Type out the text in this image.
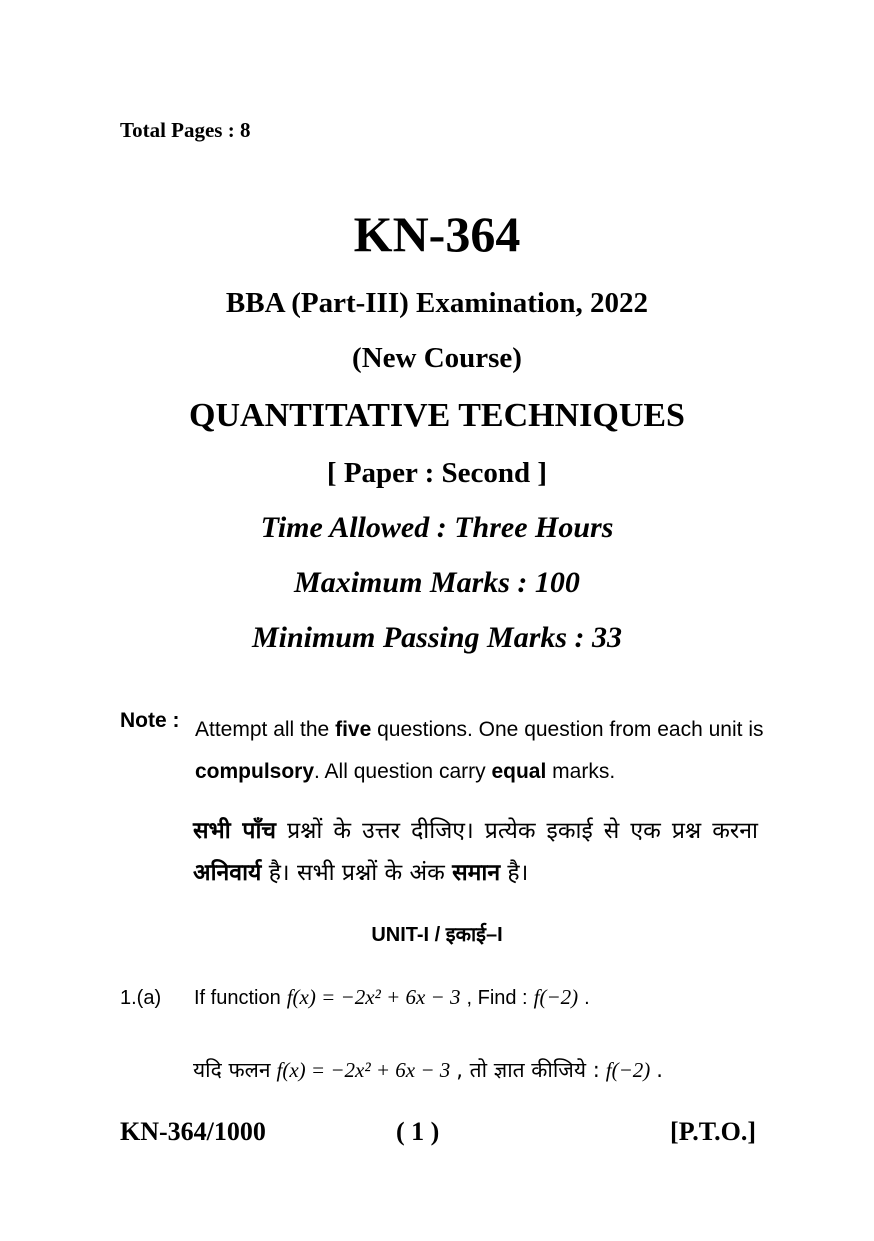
Total Pages : 8
KN-364
BBA (Part-III) Examination, 2022
(New Course)
QUANTITATIVE TECHNIQUES
[ Paper : Second ]
Time Allowed : Three Hours
Maximum Marks : 100
Minimum Passing Marks : 33
Note : Attempt all the five questions. One question from each unit is compulsory. All question carry equal marks.
सभी पाँच प्रश्नों के उत्तर दीजिए। प्रत्येक इकाई से एक प्रश्न करना अनिवार्य है। सभी प्रश्नों के अंक समान है।
UNIT-I / इकाई–I
1.(a) If function f(x) = −2x² + 6x − 3 , Find : f(−2) .
यदि फलन f(x) = −2x² + 6x − 3 , तो ज्ञात कीजिये : f(−2) .
KN-364/1000	( 1 )	[P.T.O.]
